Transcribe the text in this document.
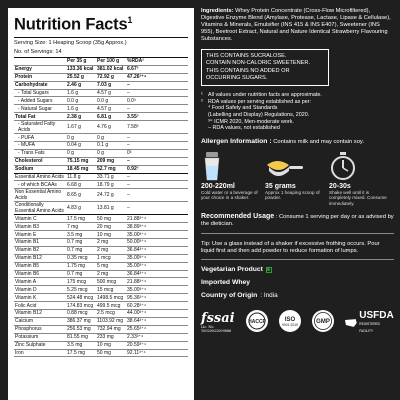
Nutrition Facts$^1$
Serving Size: 1 Heaping Scoop (35g Approx.)
No. of Servings: 14
	Per 35 g	Per 100 g	%RDA²
Energy	133.36 kcal	381.02 kcal	6.67³
Protein	25.52 g	72.92 g	47.26³⁺⁴
Carbohydrate	2.46 g	7.03 g	–
- Total Sugars	1.6 g	4.57 g	–
- Added Sugars	0.0 g	0.0 g	0.0³
- Natural Sugar	1.6 g	4.57 g	–
Total Fat	2.38 g	6.81 g	3.55³
- Saturated Fatty Acids	1.67 g	4.76 g	7.58³
- PUFA	0 g	0 g	–
- MUFA	0.04 g	0.1 g	–
- Trans Fats	0 g	0 g	0³
Cholesterol	75.15 mg	209 mg	–
Sodium	18.45 mg	52.7 mg	0.92³
Essential Amino Acids	11.8 g	33.71 g	–
- of which BCAAs	6.68 g	18.79 g	–
Non Essential Amino Acids	8.65 g	24.72 g	–
Conditionally Essential Amino Acids	4.83 g	13.81 g	–
Vitamin C	17.5 mg	50 mg	21.88³⁺⁴
Vitamin B3	7 mg	20 mg	38.89³⁺⁴
Vitamin E	3.5 mg	10 mg	35.00³⁺⁴
Vitamin B1	0.7 mg	2 mg	50.00³⁺⁴
Vitamin B2	0.7 mg	2 mg	36.84³⁺⁴
Vitamin B12	0.35 mcg	1 mcg	35.00³⁺⁴
Vitamin B5	1.75 mg	5 mg	35.00³⁺⁴
Vitamin B6	0.7 mg	2 mg	36.84³⁺⁴
Vitamin A	175 mcg	500 mcg	21.88³⁺⁴
Vitamin D	5.25 mcg	15 mcg	35.00³⁺⁴
Vitamin K	524.48 mcg	1498.5 mcg	95.36³⁺⁴
Folic Acid	174.83 mcg	499.5 mcg	60.28³⁺⁴
Vitamin B12	0.88 mcg	2.5 mcg	44.00³⁺⁴
Calcium	386.37 mg	1103.92 mg	38.64³⁺⁴
Phosphorus	256.53 mg	732.94 mg	25.65³⁺⁴
Potassium	81.55 mg	233 mg	2.33³⁺⁴
Zinc Sulphate	3.5 mg	10 mg	20.59³⁺⁴
Iron	17.5 mg	50 mg	92.11³⁺⁴
Ingredients: Whey Protein Concentrate (Cross-Flow Microfiltered), Digestive Enzyme Blend (Amylase, Protease, Lactase, Lipase & Cellulase), Vitamins & Minerals, Emulsifier (INS 415 & INS E407), Sweetener (INS 955), Beetroot Extract, Natural and Nature Identical Strawberry Flavouring Substances.
THIS CONTAINS SUCRALOSE.
CONTAIN NON-CALORIC SWEETENER.
THIS CONTAINS NO ADDED OR OCCURRING SUGARS.
¹ All values under nutrition facts are approximate.
² RDA values per serving established as per:
⁴ Food Safety and Standards
(Labelling and Display) Regulations, 2020.
³⁼ ICMR 2020, Men-moderate work.
– RDA values, not established
Allergen Information : Contains milk and may contain soy.
200-220ml
Cold water or a beverage of your choice in a shaker.
35 grams
Approx 1 heaping scoop of powder.
20-30s
Shake well until it is completely mixed. Consume immediately.
Recommended Usage : Consume 1 serving per day or as advised by the dietician.
Tip: Use a glass instead of a shaker if excessive frothing occurs. Pour liquid first and then add powder to reduce formation of lumps.
Vegetarian Product
Imported Whey
Country of Origin : India
fssai
Lic. No. 10020022009886
HACCP	ISO
9001:2015	GMP
USFDA
REGISTERED FACILITY
